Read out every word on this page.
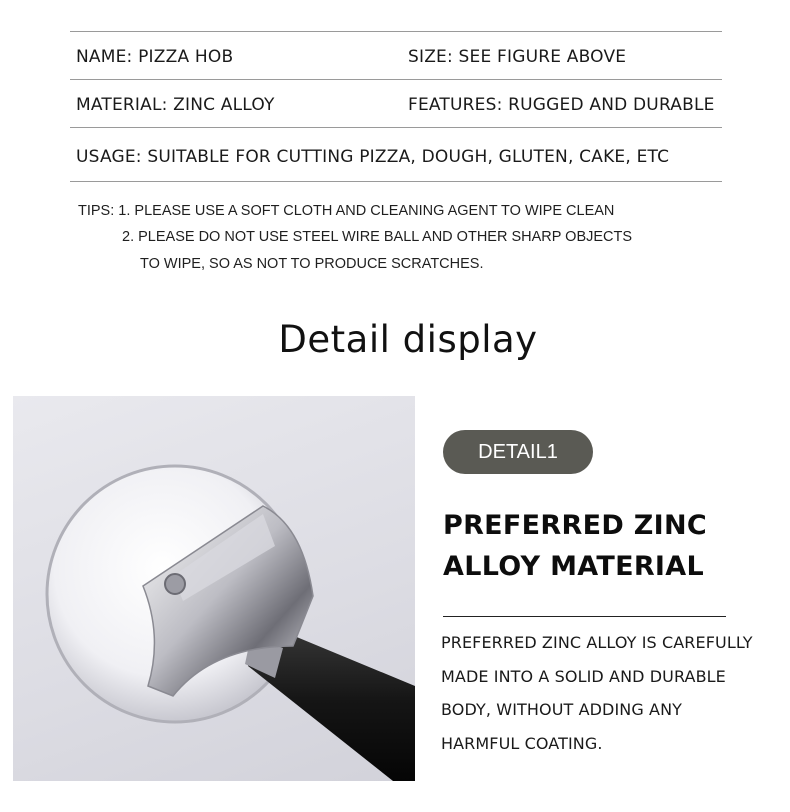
NAME: PIZZA HOB	SIZE: SEE FIGURE ABOVE
MATERIAL: ZINC ALLOY	FEATURES: RUGGED AND DURABLE
USAGE: SUITABLE FOR CUTTING PIZZA, DOUGH, GLUTEN, CAKE, ETC
TIPS: 1. PLEASE USE A SOFT CLOTH AND CLEANING AGENT TO WIPE CLEAN
2. PLEASE DO NOT USE STEEL WIRE BALL AND OTHER SHARP OBJECTS
TO WIPE, SO AS NOT TO PRODUCE SCRATCHES.
Detail display
DETAIL1
PREFERRED ZINC
ALLOY MATERIAL
PREFERRED ZINC ALLOY IS CAREFULLY
MADE INTO A SOLID AND DURABLE
BODY, WITHOUT ADDING ANY
HARMFUL COATING.
